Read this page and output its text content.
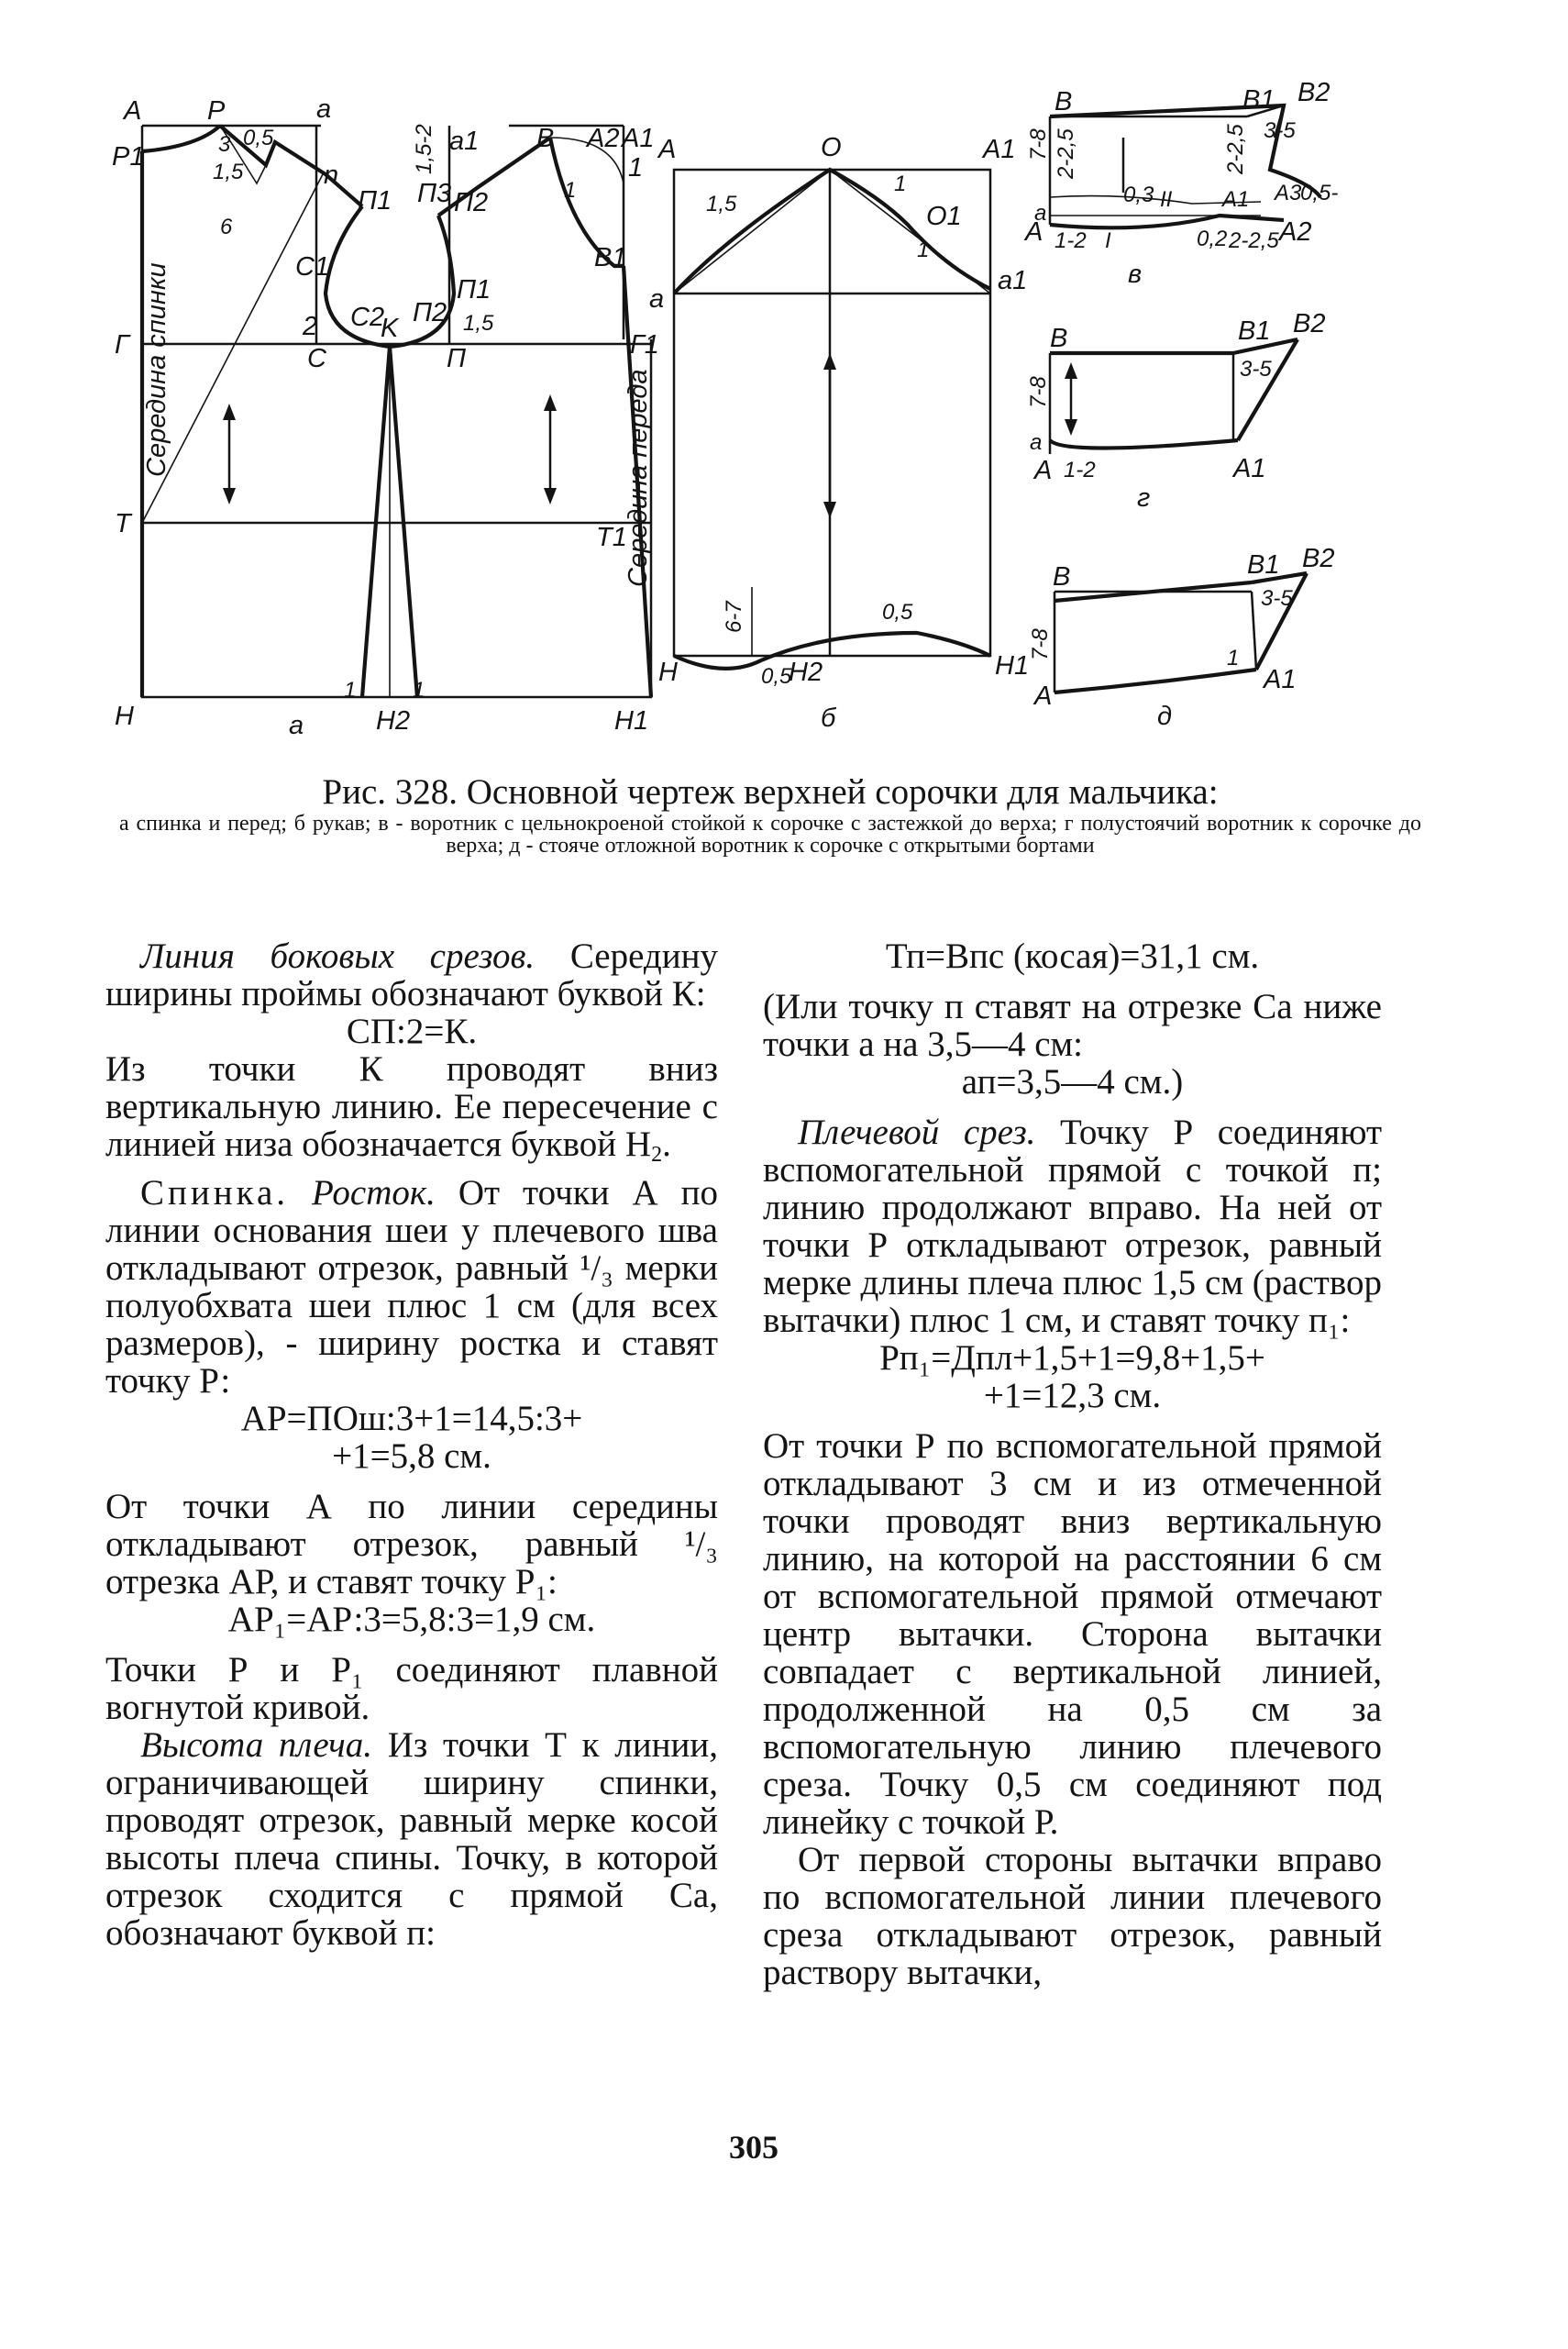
A P	a
a1 B A2 A1
P1	3 0,5
1,5
6
n
П1
C1
2 C2
K
П2
П1
1,5
П3 П2
1,5-2
1
B1
1
C	П
Г	Г1
T	T1
H
1	1
H2	H1
а
Середина спинки	Середина переда
A	O	A1
a
a1
O1
1,5
1
1
6-7
0,5
0,5
H	H2	H1
б
B	B1 B2
3-5
7-8 2-2,5	2-2,5
0,3 II	A3
0,5-
A1
a
A 1-2 I	0,2 2-2,5 A2
в
B	B1 B2
3-5
7-8
a
A 1-2	A1
г
B	B1 B2
3-5
7-8	1
A
A1
д

Рис. 328. Основной чертеж верхней сорочки для мальчика:

а спинка и перед; б рукав; в - воротник с цельнокроеной стойкой к сорочке с застежкой до верха; г полустоячий воротник к сорочке до верха; д - стояче отложной воротник к сорочке с открытыми бортами

Линия боковых срезов. Середину ширины проймы обозначают буквой К:

СП:2=К.

Из точки К проводят вниз вертикальную линию. Ее пересечение с линией низа обозначается буквой $H_2$.

Спинка. Росток. От точки А по линии основания шеи у плечевого шва откладывают отрезок, равный ¹/₃ мерки полуобхвата шеи плюс 1 см (для всех размеров), - ширину ростка и ставят точку Р:

АР=ПОш:3+1=14,5:3+

+1=5,8 см.

От точки А по линии середины откладывают отрезок, равный ¹/₃ отрезка АР, и ставят точку Р₁:

АР₁=АР:3=5,8:3=1,9 см.

Точки Р и Р₁ соединяют плавной вогнутой кривой.

Высота плеча. Из точки Т к линии, ограничивающей ширину спинки, проводят отрезок, равный мерке косой высоты плеча спины. Точку, в которой отрезок сходится с прямой Са, обозначают буквой п:

Тп=Впс (косая)=31,1 см.

(Или точку п ставят на отрезке Са ниже точки а на 3,5—4 см:

ап=3,5—4 см.)

Плечевой срез. Точку Р соединяют вспомогательной прямой с точкой п; линию продолжают вправо. На ней от точки Р откладывают отрезок, равный мерке длины плеча плюс 1,5 см (раствор вытачки) плюс 1 см, и ставят точку п₁:

Рп₁=Дпл+1,5+1=9,8+1,5+

+1=12,3 см.

От точки Р по вспомогательной прямой откладывают 3 см и из отмеченной точки проводят вниз вертикальную линию, на которой на расстоянии 6 см от вспомогательной прямой отмечают центр вытачки. Сторона вытачки совпадает с вертикальной линией, продолженной на 0,5 см за вспомогательную линию плечевого среза. Точку 0,5 см соединяют под линейку с точкой Р.

От первой стороны вытачки вправо по вспомогательной линии плечевого среза откладывают отрезок, равный раствору вытачки,

305
